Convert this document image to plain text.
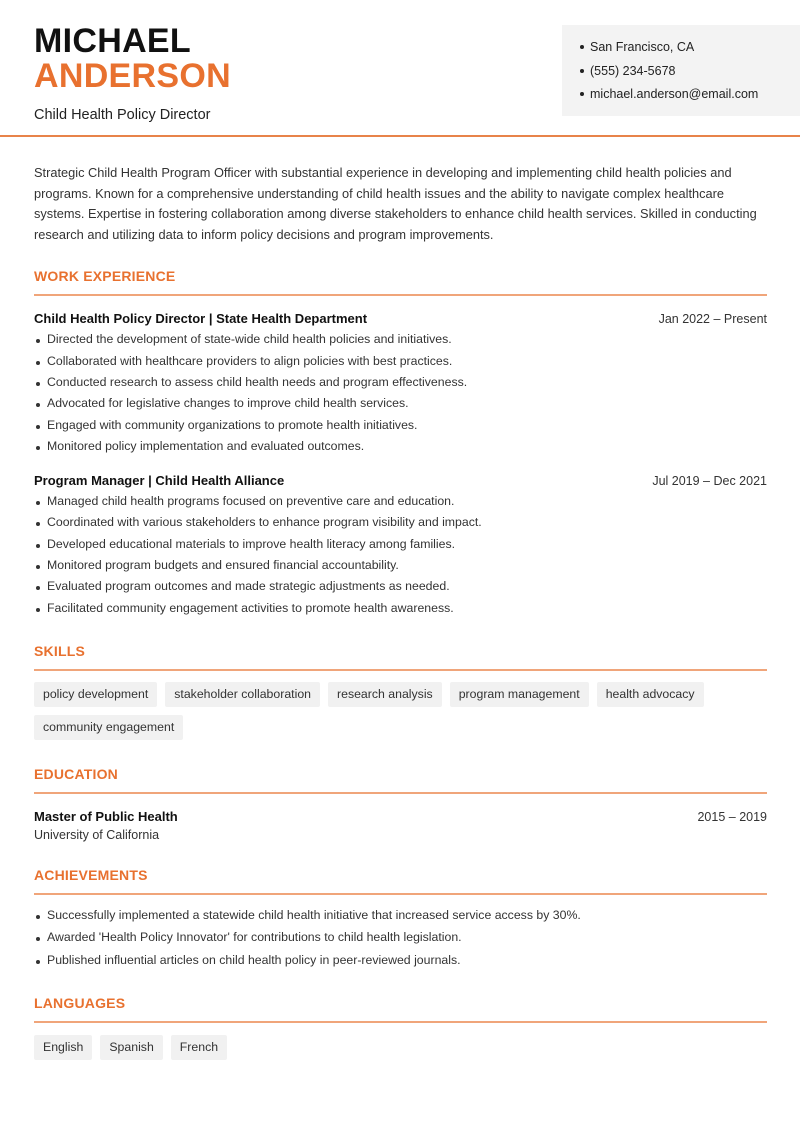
MICHAEL
ANDERSON
Child Health Policy Director
San Francisco, CA
(555) 234-5678
michael.anderson@email.com

Strategic Child Health Program Officer with substantial experience in developing and implementing child health policies and programs. Known for a comprehensive understanding of child health issues and the ability to navigate complex healthcare systems. Expertise in fostering collaboration among diverse stakeholders to enhance child health services. Skilled in conducting research and utilizing data to inform policy decisions and program improvements.

WORK EXPERIENCE
Child Health Policy Director | State Health Department	Jan 2022 – Present
Directed the development of state-wide child health policies and initiatives.
Collaborated with healthcare providers to align policies with best practices.
Conducted research to assess child health needs and program effectiveness.
Advocated for legislative changes to improve child health services.
Engaged with community organizations to promote health initiatives.
Monitored policy implementation and evaluated outcomes.
Program Manager | Child Health Alliance	Jul 2019 – Dec 2021
Managed child health programs focused on preventive care and education.
Coordinated with various stakeholders to enhance program visibility and impact.
Developed educational materials to improve health literacy among families.
Monitored program budgets and ensured financial accountability.
Evaluated program outcomes and made strategic adjustments as needed.
Facilitated community engagement activities to promote health awareness.
SKILLS
policy development	stakeholder collaboration	research analysis	program management	health advocacy
community engagement
EDUCATION
Master of Public Health	2015 – 2019
University of California
ACHIEVEMENTS
Successfully implemented a statewide child health initiative that increased service access by 30%.
Awarded 'Health Policy Innovator' for contributions to child health legislation.
Published influential articles on child health policy in peer-reviewed journals.
LANGUAGES
English	Spanish	French
